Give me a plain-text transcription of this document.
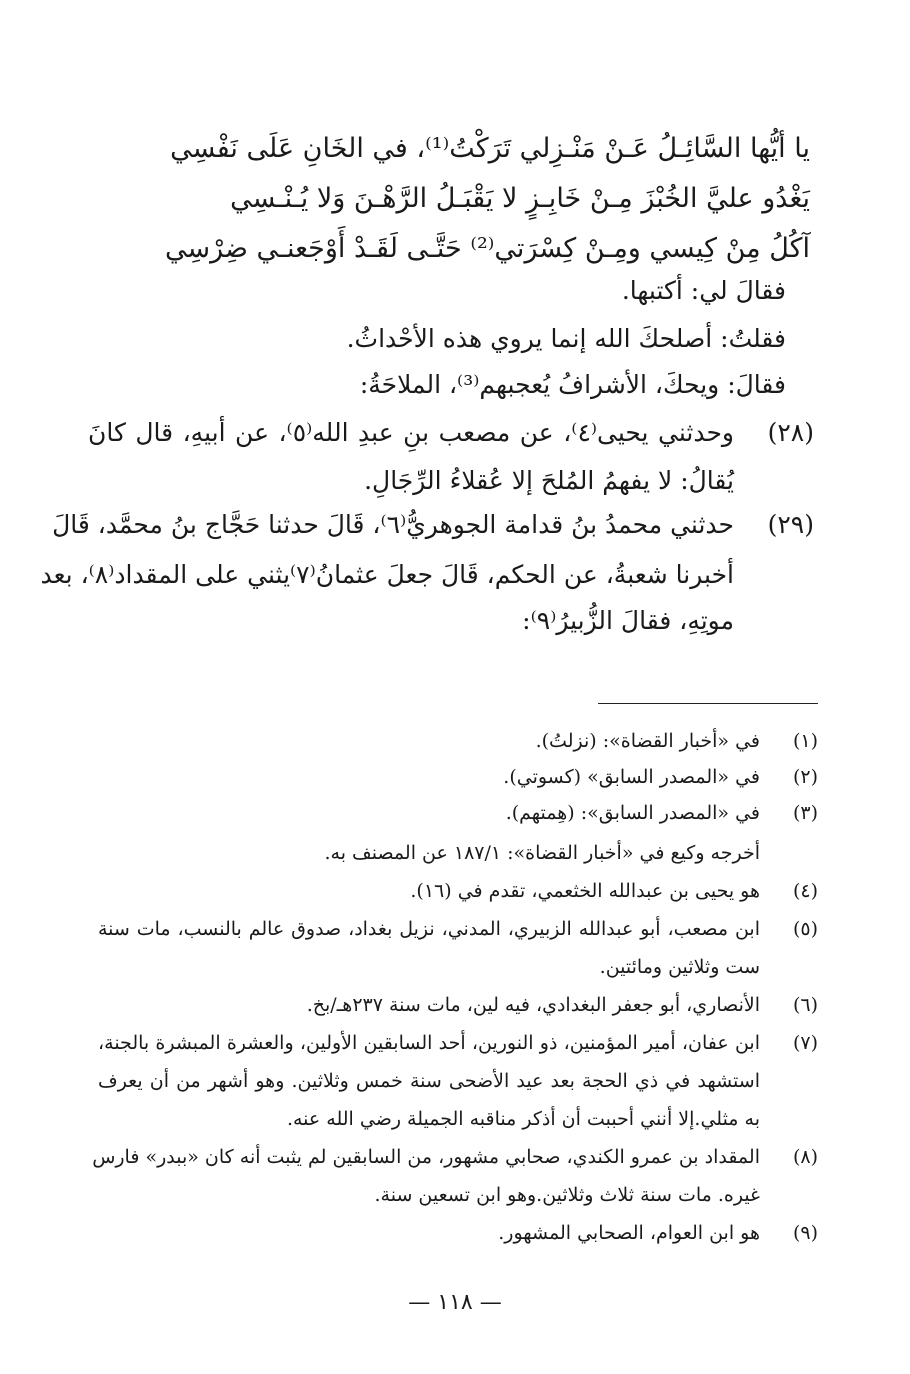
يا أيُّها السَّائِـلُ عَـنْ مَنْـزِلي تَرَكْتُ⁽¹⁾، في الخَانِ عَلَى نَفْسِي
يَغْدُو عليَّ الخُبْزَ مِـنْ خَابِـزٍ لا يَقْبَـلُ الرَّهْـنَ وَلا يُـنْـسِي
آكُلُ مِنْ كِيسي ومِـنْ كِسْرَتي⁽²⁾ حَتَّـى لَقَـدْ أَوْجَعنـي ضِرْسِي
فقالَ لي: أكتبها.
فقلتُ: أصلحكَ الله إنما يروي هذه الأحْداثُ.
فقالَ: ويحكَ، الأشرافُ يُعجبهم⁽³⁾، الملاحَةُ:
(٢٨)
وحدثني يحيى⁽٤⁾، عن مصعب بنِ عبدِ الله⁽٥⁾، عن أبيهِ، قال كانَ
يُقالُ: لا يفهمُ المُلحَ إلا عُقلاءُ الرِّجَالِ.
(٢٩)
حدثني محمدُ بنُ قدامة الجوهريُّ⁽٦⁾، قَالَ حدثنا حَجَّاج بنُ محمَّد، قَالَ
أخبرنا شعبةُ، عن الحكم، قَالَ جعلَ عثمانُ⁽٧⁾يثني على المقداد⁽٨⁾، بعد
موتِهِ، فقالَ الزُّبيرُ⁽٩⁾:
(١)
في «أخبار القضاة»: (نزلتُ).
(٢)
في «المصدر السابق» (كسوتي).
(٣)
في «المصدر السابق»: (هِمتهم).
أخرجه وكيع في «أخبار القضاة»: ١٨٧/١ عن المصنف به.
(٤)
هو يحيى بن عبدالله الخثعمي، تقدم في (١٦).
(٥)
ابن مصعب، أبو عبدالله الزبيري، المدني، نزيل بغداد، صدوق عالم بالنسب، مات سنة
ست وثلاثين ومائتين.
(٦)
الأنصاري، أبو جعفر البغدادي، فيه لين، مات سنة ٢٣٧هـ/بخ.
(٧)
ابن عفان، أمير المؤمنين، ذو النورين، أحد السابقين الأولين، والعشرة المبشرة بالجنة،
استشهد في ذي الحجة بعد عيد الأضحى سنة خمس وثلاثين. وهو أشهر من أن يعرف
به مثلي.إلا أنني أحببت أن أذكر مناقبه الجميلة رضي الله عنه.
(٨)
المقداد بن عمرو الكندي، صحابي مشهور، من السابقين لم يثبت أنه كان «ببدر» فارس
غيره. مات سنة ثلاث وثلاثين.وهو ابن تسعين سنة.
(٩)
هو ابن العوام، الصحابي المشهور.
— ١١٨ —
